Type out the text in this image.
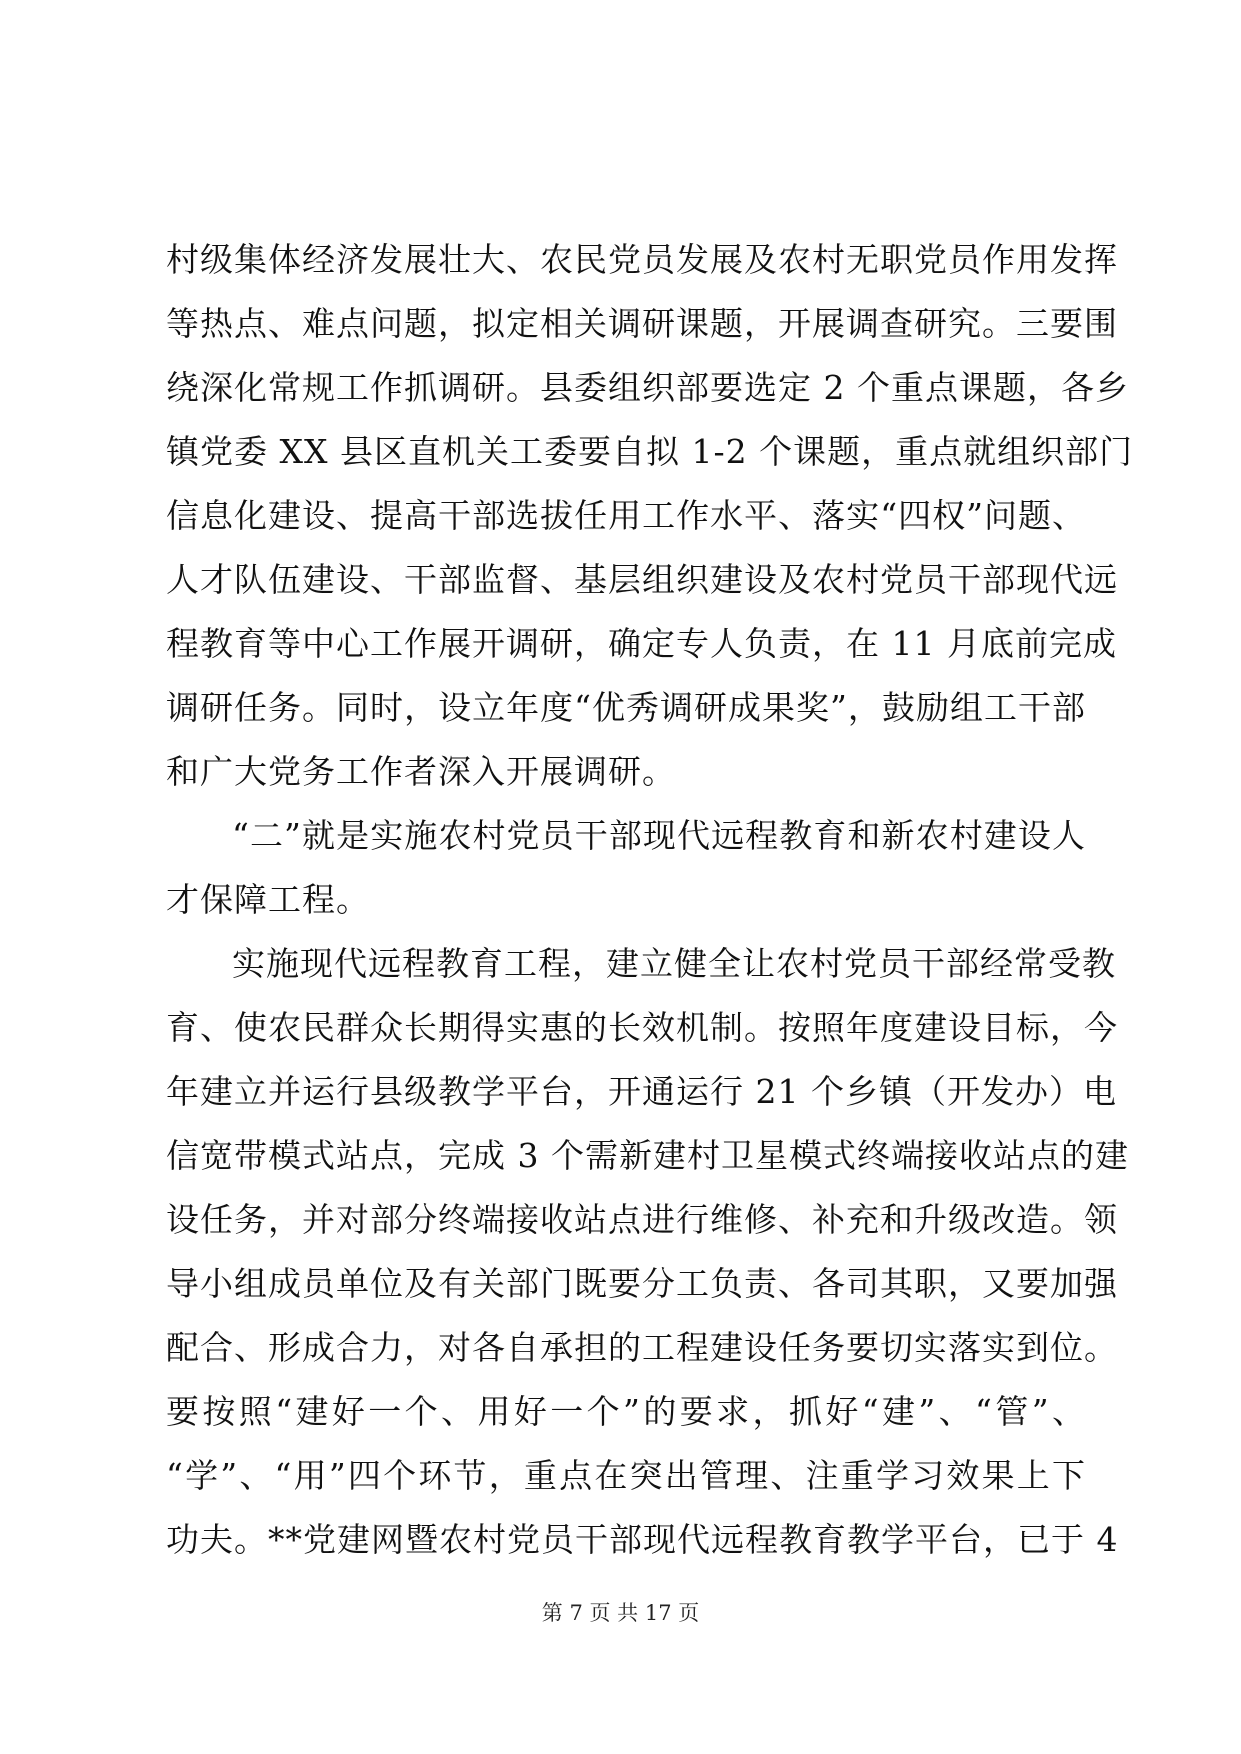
村级集体经济发展壮大、农民党员发展及农村无职党员作用发挥
等热点、难点问题，拟定相关调研课题，开展调查研究。三要围
绕深化常规工作抓调研。县委组织部要选定 2 个重点课题，各乡
镇党委 XX 县区直机关工委要自拟 1-2 个课题，重点就组织部门
信息化建设、提高干部选拔任用工作水平、落实“四权”问题、
人才队伍建设、干部监督、基层组织建设及农村党员干部现代远
程教育等中心工作展开调研，确定专人负责，在 11 月底前完成
调研任务。同时，设立年度“优秀调研成果奖”，鼓励组工干部
和广大党务工作者深入开展调研。
“二”就是实施农村党员干部现代远程教育和新农村建设人
才保障工程。
实施现代远程教育工程，建立健全让农村党员干部经常受教
育、使农民群众长期得实惠的长效机制。按照年度建设目标，今
年建立并运行县级教学平台，开通运行 21 个乡镇（开发办）电
信宽带模式站点，完成 3 个需新建村卫星模式终端接收站点的建
设任务，并对部分终端接收站点进行维修、补充和升级改造。领
导小组成员单位及有关部门既要分工负责、各司其职，又要加强
配合、形成合力，对各自承担的工程建设任务要切实落实到位。
要按照“建好一个、用好一个”的要求，抓好“建”、“管”、
“学”、“用”四个环节，重点在突出管理、注重学习效果上下
功夫。**党建网暨农村党员干部现代远程教育教学平台，已于 4
第 7 页 共 17 页
